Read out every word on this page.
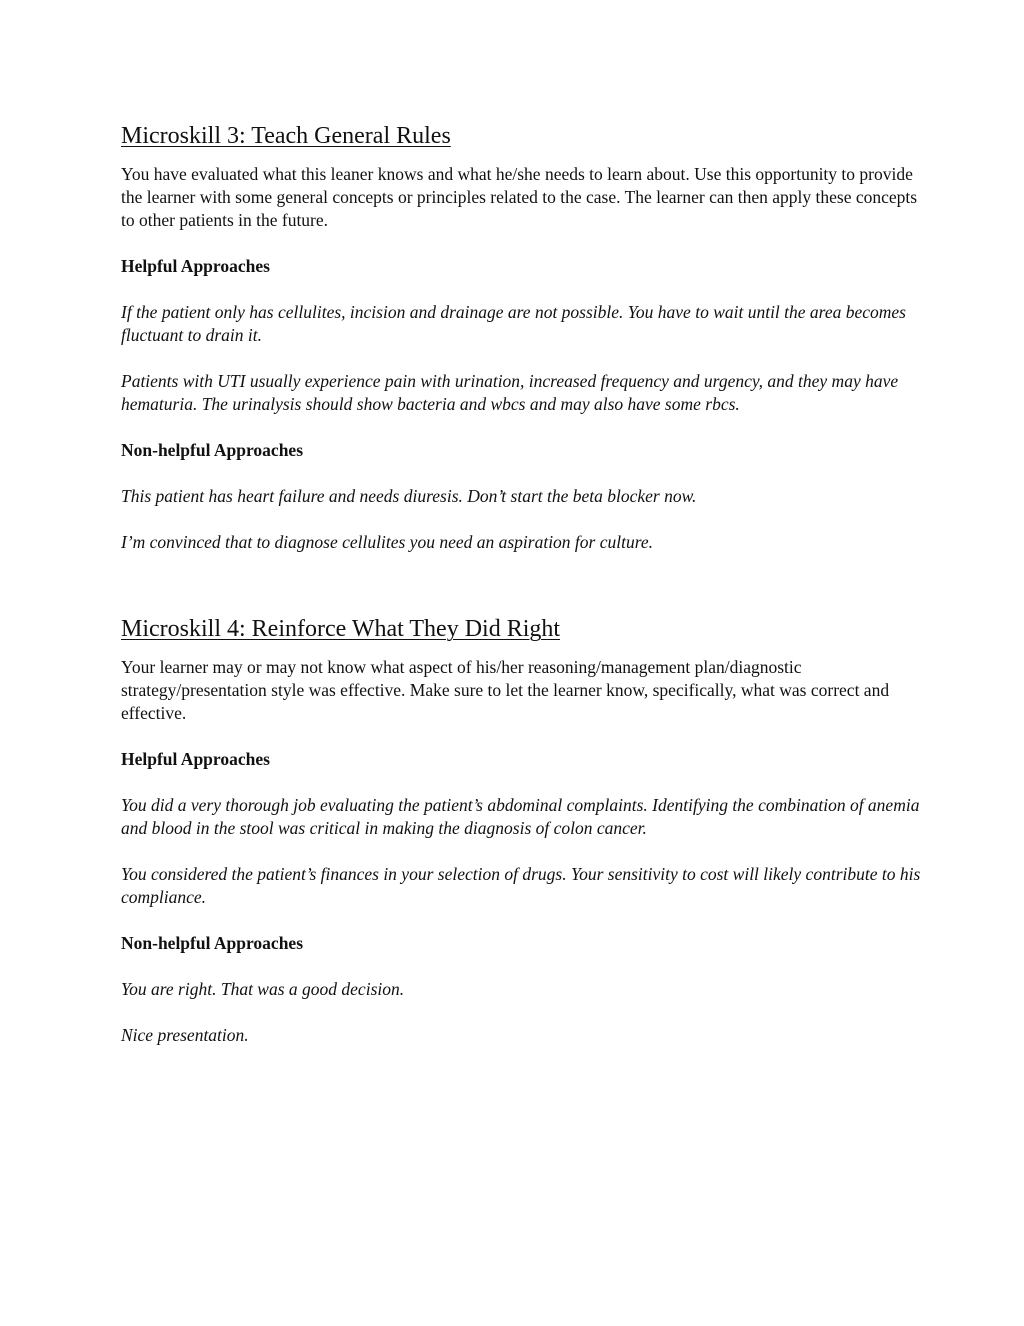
Microskill 3: Teach General Rules

You have evaluated what this leaner knows and what he/she needs to learn about. Use this opportunity to provide the learner with some general concepts or principles related to the case. The learner can then apply these concepts to other patients in the future.

Helpful Approaches

If the patient only has cellulites, incision and drainage are not possible. You have to wait until the area becomes fluctuant to drain it.

Patients with UTI usually experience pain with urination, increased frequency and urgency, and they may have hematuria. The urinalysis should show bacteria and wbcs and may also have some rbcs.

Non-helpful Approaches

This patient has heart failure and needs diuresis. Don’t start the beta blocker now.

I’m convinced that to diagnose cellulites you need an aspiration for culture.

Microskill 4: Reinforce What They Did Right

Your learner may or may not know what aspect of his/her reasoning/management plan/diagnostic strategy/presentation style was effective. Make sure to let the learner know, specifically, what was correct and effective.

Helpful Approaches

You did a very thorough job evaluating the patient’s abdominal complaints. Identifying the combination of anemia and blood in the stool was critical in making the diagnosis of colon cancer.

You considered the patient’s finances in your selection of drugs. Your sensitivity to cost will likely contribute to his compliance.

Non-helpful Approaches

You are right. That was a good decision.

Nice presentation.
